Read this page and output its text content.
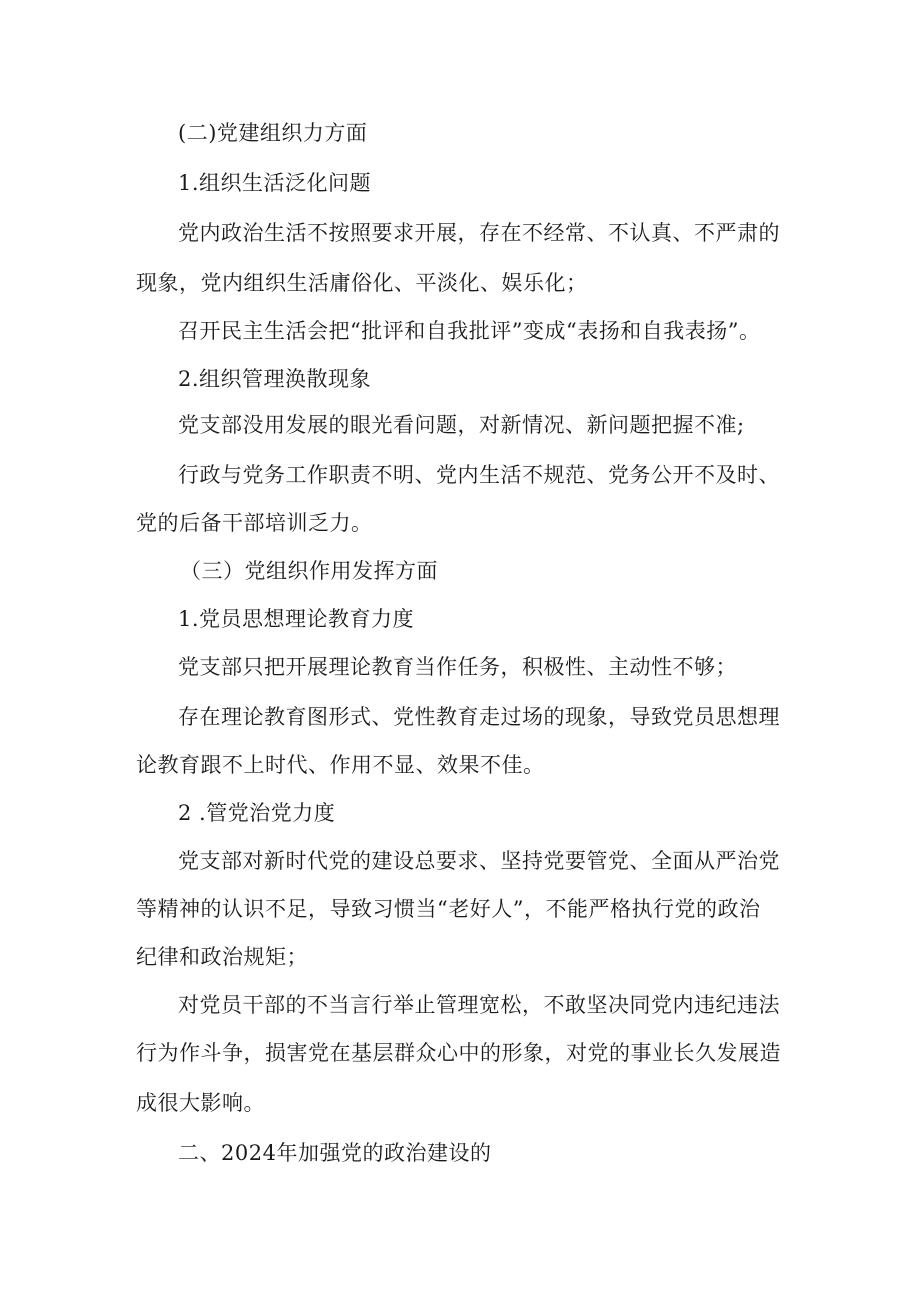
(二)党建组织力方面
1.组织生活泛化问题
党内政治生活不按照要求开展，存在不经常、不认真、不严肃的
现象，党内组织生活庸俗化、平淡化、娱乐化；
召开民主生活会把“批评和自我批评”变成“表扬和自我表扬”。
2.组织管理涣散现象
党支部没用发展的眼光看问题，对新情况、新问题把握不准;
行政与党务工作职责不明、党内生活不规范、党务公开不及时、
党的后备干部培训乏力。
（三）党组织作用发挥方面
1.党员思想理论教育力度
党支部只把开展理论教育当作任务，积极性、主动性不够；
存在理论教育图形式、党性教育走过场的现象，导致党员思想理
论教育跟不上时代、作用不显、效果不佳。
2 .管党治党力度
党支部对新时代党的建设总要求、坚持党要管党、全面从严治党
等精神的认识不足，导致习惯当“老好人”，不能严格执行党的政治
纪律和政治规矩；
对党员干部的不当言行举止管理宽松，不敢坚决同党内违纪违法
行为作斗争，损害党在基层群众心中的形象，对党的事业长久发展造
成很大影响。
二、2024年加强党的政治建设的
